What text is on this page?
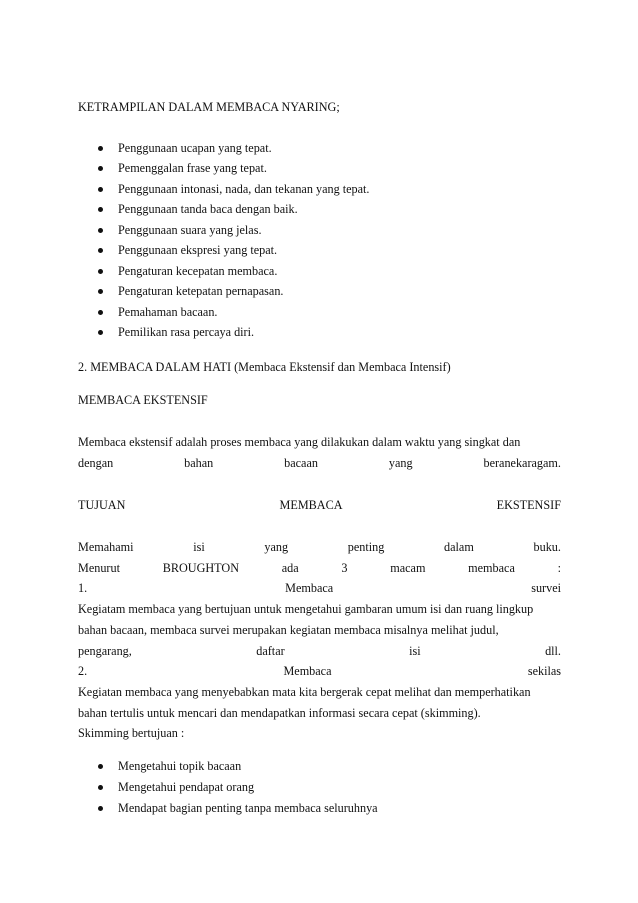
KETRAMPILAN DALAM MEMBACA NYARING;
Penggunaan ucapan yang tepat.
Pemenggalan frase yang tepat.
Penggunaan intonasi, nada, dan tekanan yang tepat.
Penggunaan tanda baca dengan baik.
Penggunaan suara yang jelas.
Penggunaan ekspresi yang tepat.
Pengaturan kecepatan membaca.
Pengaturan ketepatan pernapasan.
Pemahaman bacaan.
Pemilikan rasa percaya diri.
2. MEMBACA DALAM HATI (Membaca Ekstensif dan Membaca Intensif)
MEMBACA EKSTENSIF
Membaca ekstensif adalah proses membaca yang dilakukan dalam waktu yang singkat dan
dengan	bahan	bacaan	yang	beranekaragam.
TUJUAN	MEMBACA	EKSTENSIF
Memahami	isi	yang	penting	dalam	buku.
Menurut	BROUGHTON	ada	3	macam	membaca	:
1.	Membaca	survei
Kegiatam membaca yang bertujuan untuk mengetahui gambaran umum isi dan ruang lingkup
bahan bacaan, membaca survei merupakan kegiatan membaca misalnya melihat judul,
pengarang,	daftar	isi	dll.
2.	Membaca	sekilas
Kegiatan membaca yang menyebabkan mata kita bergerak cepat melihat dan memperhatikan
bahan tertulis untuk mencari dan mendapatkan informasi secara cepat (skimming).
Skimming bertujuan :
Mengetahui topik bacaan
Mengetahui pendapat orang
Mendapat bagian penting tanpa membaca seluruhnya
